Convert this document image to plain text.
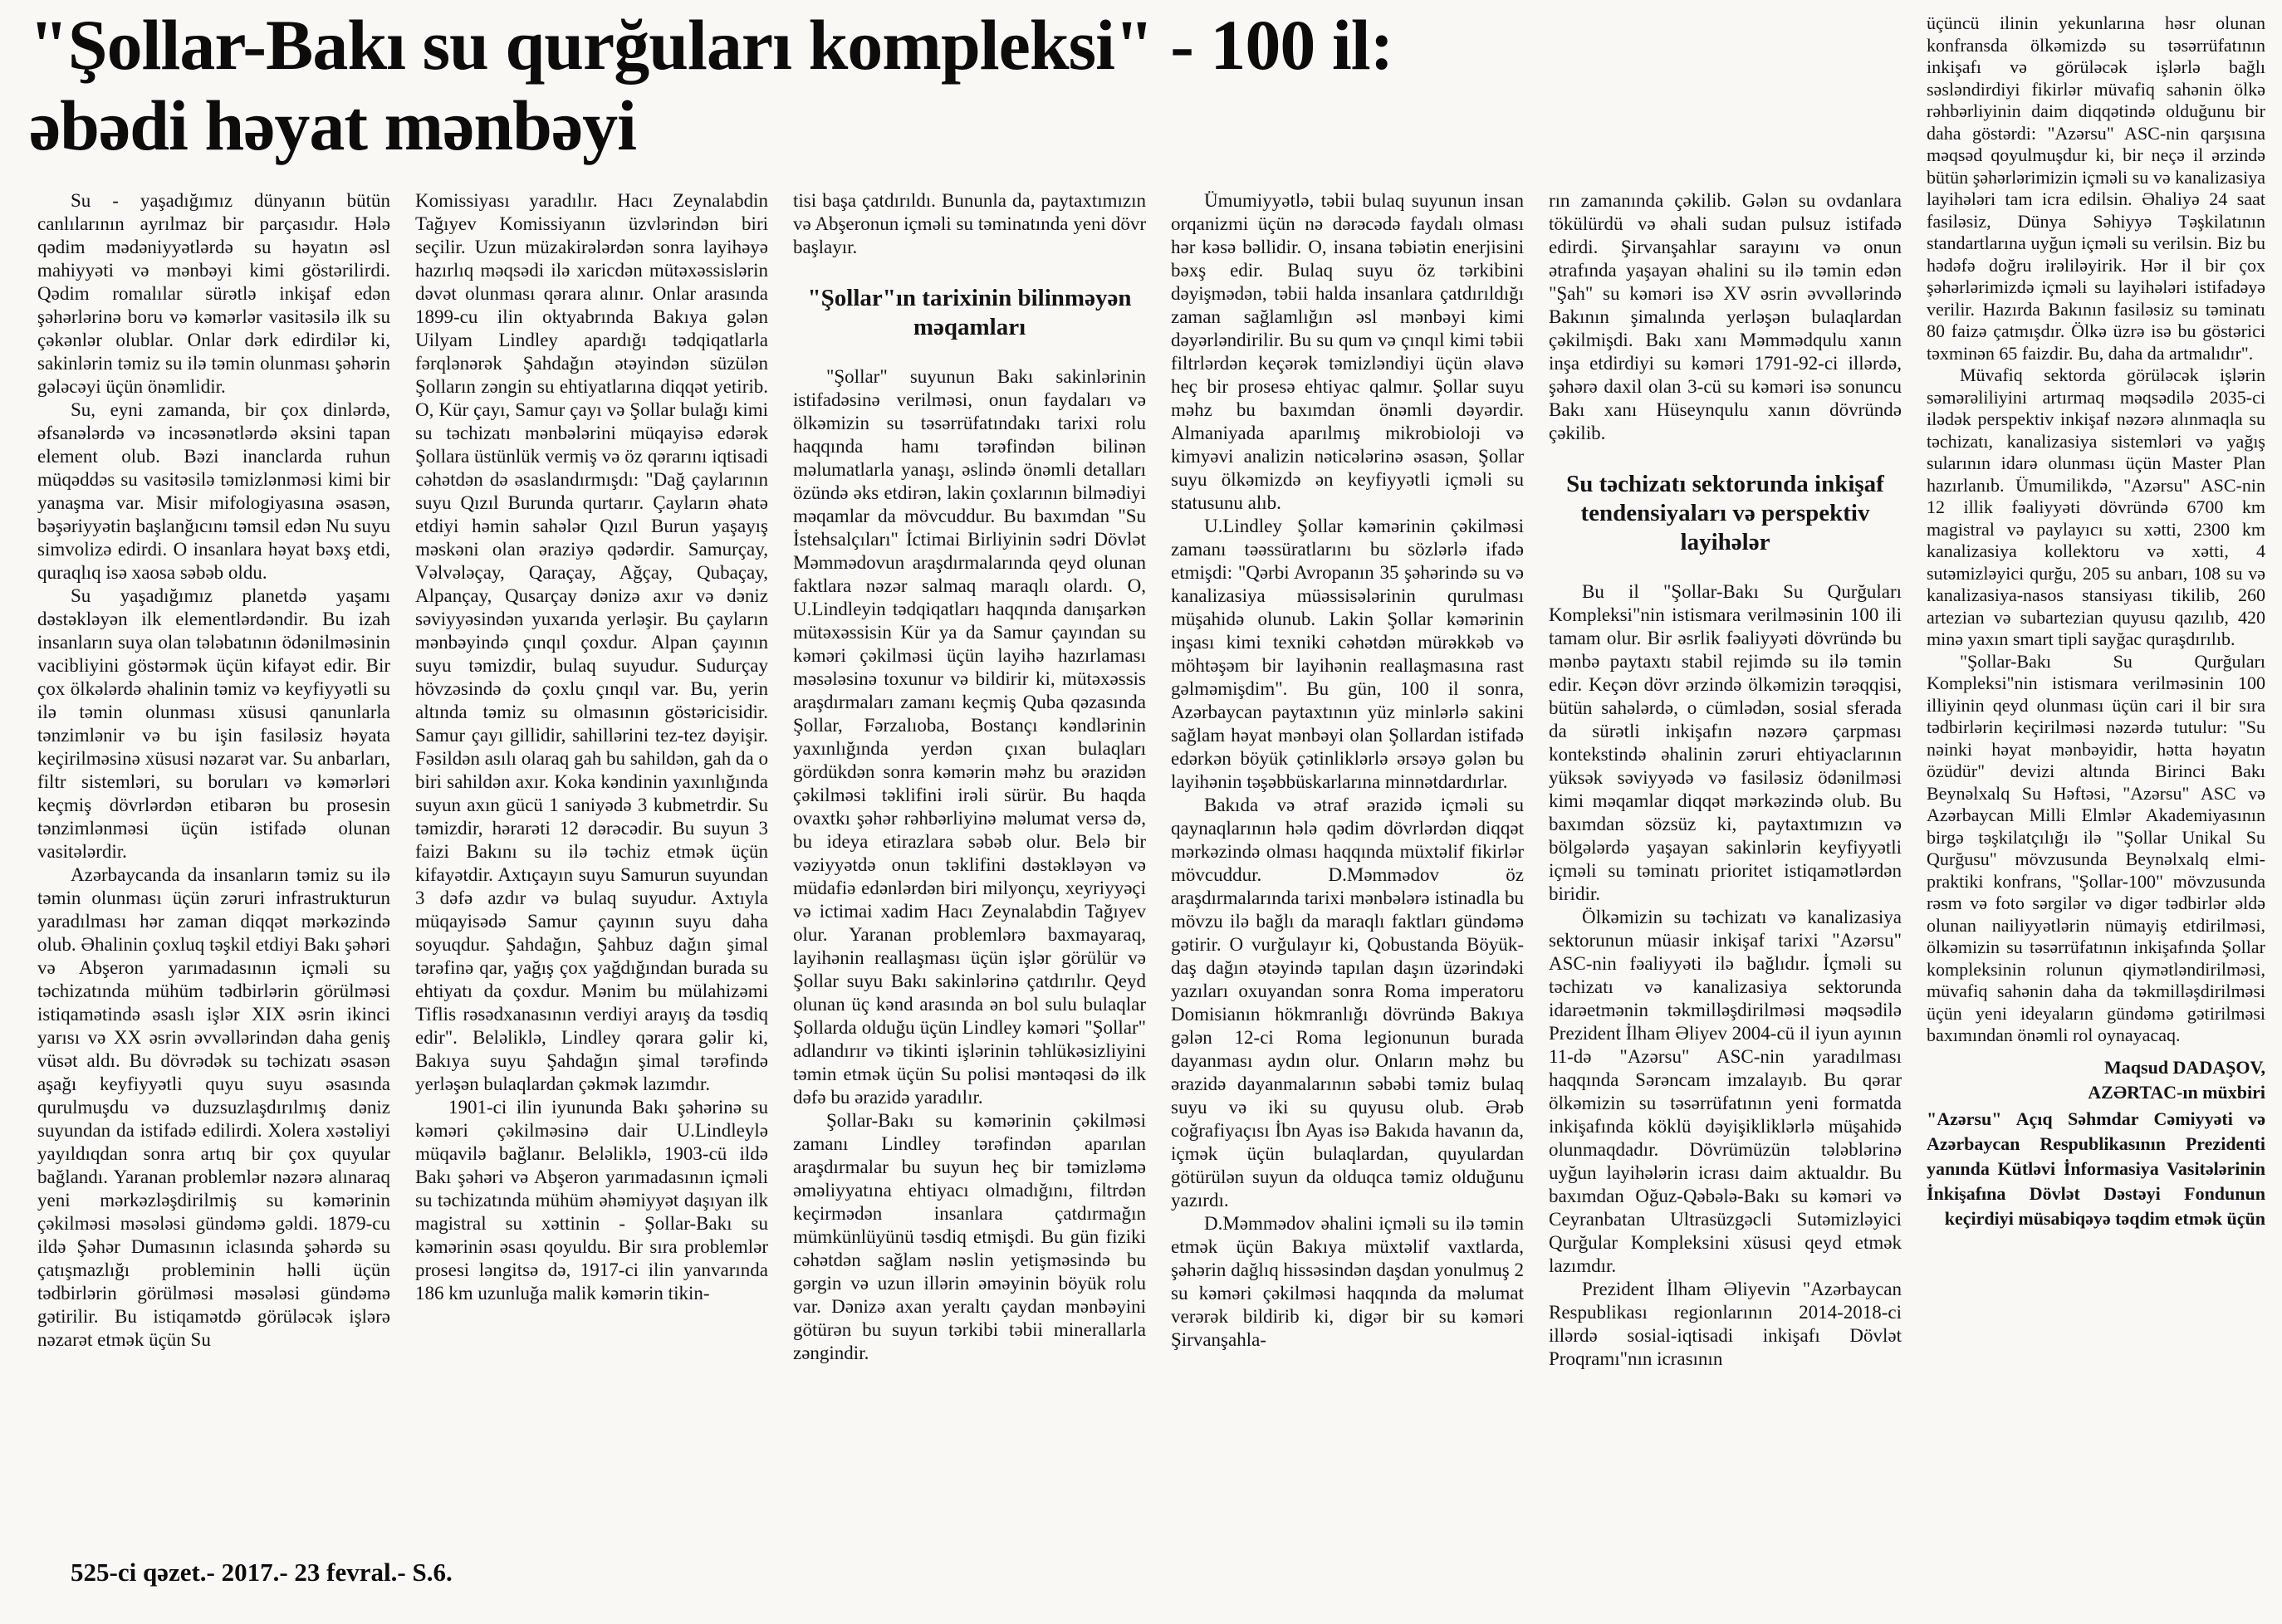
"Şollar-Bakı su qurğuları kompleksi" - 100 il:
əbədi həyat mənbəyi

Su - yaşadığımız dünyanın bütün canlılarının ayrılmaz bir parçasıdır. Hələ qədim mədəniyyətlərdə su həyatın əsl mahiyyəti və mənbəyi kimi göstərilirdi. Qədim romalılar sürətlə inkişaf edən şəhərlərinə boru və kəmərlər vasitəsilə ilk su çəkənlər olublar. Onlar dərk edirdilər ki, sakinlərin təmiz su ilə təmin olunması şəhərin gələcəyi üçün önəmlidir.

Su, eyni zamanda, bir çox dinlərdə, əfsanələrdə və incəsənətlərdə əksini tapan element olub. Bəzi inanclarda ruhun müqəddəs su vasitəsilə təmizlənməsi kimi bir yanaşma var. Misir mifologiyasına əsasən, bəşəriyyətin başlanğıcını təmsil edən Nu suyu simvolizə edirdi. O insanlara həyat bəxş etdi, quraqlıq isə xaosa səbəb oldu.

Su yaşadığımız planetdə yaşamı dəstəkləyən ilk elementlərdəndir. Bu izah insanların suya olan tələbatının ödənilməsinin vacibliyini göstərmək üçün kifayət edir. Bir çox ölkələrdə əhalinin təmiz və keyfiyyətli su ilə təmin olunması xüsusi qanunlarla tənzimlənir və bu işin fasiləsiz həyata keçirilməsinə xüsusi nəzarət var. Su anbarları, filtr sistemləri, su boruları və kəmərləri keçmiş dövrlərdən etibarən bu prosesin tənzimlənməsi üçün istifadə olunan vasitələrdir.

Azərbaycanda da insanların təmiz su ilə təmin olunması üçün zəruri infrastrukturun yaradılması hər zaman diqqət mərkəzində olub. Əhalinin çoxluq təşkil etdiyi Bakı şəhəri və Abşeron yarımadasının içməli su təchizatında mühüm tədbirlərin görülməsi istiqamətində əsaslı işlər XIX əsrin ikinci yarısı və XX əsrin əvvəllərindən daha geniş vüsət aldı. Bu dövrədək su təchizatı əsasən aşağı keyfiyyətli quyu suyu əsasında qurulmuşdu və duzsuzlaşdırılmış dəniz suyundan da istifadə edilirdi. Xolera xəstəliyi yayıldıqdan sonra artıq bir çox quyular bağlandı. Yaranan problemlər nəzərə alınaraq yeni mərkəzləşdirilmiş su kəmərinin çəkilməsi məsələsi gündəmə gəldi. 1879-cu ildə Şəhər Dumasının iclasında şəhərdə su çatışmazlığı probleminin həlli üçün tədbirlərin görülməsi məsələsi gündəmə gətirilir. Bu istiqamətdə görüləcək işlərə nəzarət etmək üçün Su

Komissiyası yaradılır. Hacı Zeynalabdin Tağıyev Komissiyanın üzvlərindən biri seçilir. Uzun müzakirələrdən sonra layihəyə hazırlıq məqsədi ilə xaricdən mütəxəssislərin dəvət olunması qərara alınır. Onlar arasında 1899-cu ilin oktyabrında Bakıya gələn Uilyam Lindley apardığı tədqiqatlarla fərqlənərək Şahdağın ətəyindən süzülən Şolların zəngin su ehtiyatlarına diqqət yetirib. O, Kür çayı, Samur çayı və Şollar bulağı kimi su təchizatı mənbələrini müqayisə edərək Şollara üstünlük vermiş və öz qərarını iqtisadi cəhətdən də əsaslandırmışdı: "Dağ çaylarının suyu Qızıl Burunda qurtarır. Çayların əhatə etdiyi həmin sahələr Qızıl Burun yaşayış məskəni olan əraziyə qədərdir. Samurçay, Vəlvələçay, Qaraçay, Ağçay, Qubaçay, Alpançay, Qusarçay dənizə axır və dəniz səviyyəsindən yuxarıda yerləşir. Bu çayların mənbəyində çınqıl çoxdur. Alpan çayının suyu təmizdir, bulaq suyudur. Sudurçay hövzəsində də çoxlu çınqıl var. Bu, yerin altında təmiz su olmasının göstəricisidir. Samur çayı gillidir, sahillərini tez-tez dəyişir. Fəsildən asılı olaraq gah bu sahildən, gah da o biri sahildən axır. Koka kəndinin yaxınlığında suyun axın gücü 1 saniyədə 3 kubmetrdir. Su təmizdir, hərarəti 12 dərəcədir. Bu suyun 3 faizi Bakını su ilə təchiz etmək üçün kifayətdir. Axtıçayın suyu Samurun suyundan 3 dəfə azdır və bulaq suyudur. Axtıyla müqayisədə Samur çayının suyu daha soyuqdur. Şahdağın, Şahbuz dağın şimal tərəfinə qar, yağış çox yağdığından burada su ehtiyatı da çoxdur. Mənim bu mülahizəmi Tiflis rəsədxanasının verdiyi arayış da təsdiq edir". Beləliklə, Lindley qərara gəlir ki, Bakıya suyu Şahdağın şimal tərəfində yerləşən bulaqlardan çəkmək lazımdır.

1901-ci ilin iyununda Bakı şəhərinə su kəməri çəkilməsinə dair U.Lindleylə müqavilə bağlanır. Beləliklə, 1903-cü ildə Bakı şəhəri və Abşeron yarımadasının içməli su təchizatında mühüm əhəmiyyət daşıyan ilk magistral su xəttinin - Şollar-Bakı su kəmərinin əsası qoyuldu. Bir sıra problemlər prosesi ləngitsə də, 1917-ci ilin yanvarında 186 km uzunluğa malik kəmərin tikin-

tisi başa çatdırıldı. Bununla da, paytaxtımızın və Abşeronun içməli su təminatında yeni dövr başlayır.

"Şollar"ın tarixinin bilinməyən məqamları

"Şollar" suyunun Bakı sakinlərinin istifadəsinə verilməsi, onun faydaları və ölkəmizin su təsərrüfatındakı tarixi rolu haqqında hamı tərəfindən bilinən məlumatlarla yanaşı, əslində önəmli detalları özündə əks etdirən, lakin çoxlarının bilmədiyi məqamlar da mövcuddur. Bu baxımdan "Su İstehsalçıları" İctimai Birliyinin sədri Dövlət Məmmədovun araşdırmalarında qeyd olunan faktlara nəzər salmaq maraqlı olardı. O, U.Lindleyin tədqiqatları haqqında danışarkən mütəxəssisin Kür ya da Samur çayından su kəməri çəkilməsi üçün layihə hazırlaması məsələsinə toxunur və bildirir ki, mütəxəssis araşdırmaları zamanı keçmiş Quba qəzasında Şollar, Fərzalıoba, Bostançı kəndlərinin yaxınlığında yerdən çıxan bulaqları gördükdən sonra kəmərin məhz bu ərazidən çəkilməsi təklifini irəli sürür. Bu haqda ovaxtkı şəhər rəhbərliyinə məlumat versə də, bu ideya etirazlara səbəb olur. Belə bir vəziyyətdə onun təklifini dəstəkləyən və müdafiə edənlərdən biri milyonçu, xeyriyyəçi və ictimai xadim Hacı Zeynalabdin Tağıyev olur. Yaranan problemlərə baxmayaraq, layihənin reallaşması üçün işlər görülür və Şollar suyu Bakı sakinlərinə çatdırılır. Qeyd olunan üç kənd arasında ən bol sulu bulaqlar Şollarda olduğu üçün Lindley kəməri "Şollar" adlandırır və tikinti işlərinin təhlükəsizliyini təmin etmək üçün Su polisi məntəqəsi də ilk dəfə bu ərazidə yaradılır.

Şollar-Bakı su kəmərinin çəkilməsi zamanı Lindley tərəfindən aparılan araşdırmalar bu suyun heç bir təmizləmə əməliyyatına ehtiyacı olmadığını, filtrdən keçirmədən insanlara çatdırmağın mümkünlüyünü təsdiq etmişdi. Bu gün fiziki cəhətdən sağlam nəslin yetişməsində bu gərgin və uzun illərin əməyinin böyük rolu var. Dənizə axan yeraltı çaydan mənbəyini götürən bu suyun tərkibi təbii minerallarla zəngindir.

Ümumiyyətlə, təbii bulaq suyunun insan orqanizmi üçün nə dərəcədə faydalı olması hər kəsə bəllidir. O, insana təbiətin enerjisini bəxş edir. Bulaq suyu öz tərkibini dəyişmədən, təbii halda insanlara çatdırıldığı zaman sağlamlığın əsl mənbəyi kimi dəyərləndirilir. Bu su qum və çınqıl kimi təbii filtrlərdən keçərək təmizləndiyi üçün əlavə heç bir prosesə ehtiyac qalmır. Şollar suyu məhz bu baxımdan önəmli dəyərdir. Almaniyada aparılmış mikrobioloji və kimyəvi analizin nəticələrinə əsasən, Şollar suyu ölkəmizdə ən keyfiyyətli içməli su statusunu alıb.

U.Lindley Şollar kəmərinin çəkilməsi zamanı təəssüratlarını bu sözlərlə ifadə etmişdi: "Qərbi Avropanın 35 şəhərində su və kanalizasiya müəssisələrinin qurulması müşahidə olunub. Lakin Şollar kəmərinin inşası kimi texniki cəhətdən mürəkkəb və möhtəşəm bir layihənin reallaşmasına rast gəlməmişdim". Bu gün, 100 il sonra, Azərbaycan paytaxtının yüz minlərlə sakini sağlam həyat mənbəyi olan Şollardan istifadə edərkən böyük çətinliklərlə ərsəyə gələn bu layihənin təşəbbüskarlarına minnətdardırlar.

Bakıda və ətraf ərazidə içməli su qaynaqlarının hələ qədim dövrlərdən diqqət mərkəzində olması haqqında müxtəlif fikirlər mövcuddur. D.Məmmədov öz araşdırmalarında tarixi mənbələrə istinadla bu mövzu ilə bağlı da maraqlı faktları gündəmə gətirir. O vurğulayır ki, Qobustanda Böyük-daş dağın ətəyində tapılan daşın üzərindəki yazıları oxuyandan sonra Roma imperatoru Domisianın hökmranlığı dövründə Bakıya gələn 12-ci Roma legionunun burada dayanması aydın olur. Onların məhz bu ərazidə dayanmalarının səbəbi təmiz bulaq suyu və iki su quyusu olub. Ərəb coğrafiyaçısı İbn Ayas isə Bakıda havanın da, içmək üçün bulaqlardan, quyulardan götürülən suyun da olduqca təmiz olduğunu yazırdı.

D.Məmmədov əhalini içməli su ilə təmin etmək üçün Bakıya müxtəlif vaxtlarda, şəhərin dağlıq hissəsindən daşdan yonulmuş 2 su kəməri çəkilməsi haqqında da məlumat verərək bildirib ki, digər bir su kəməri Şirvanşahla-

rın zamanında çəkilib. Gələn su ovdanlara tökülürdü və əhali sudan pulsuz istifadə edirdi. Şirvanşahlar sarayını və onun ətrafında yaşayan əhalini su ilə təmin edən "Şah" su kəməri isə XV əsrin əvvəllərində Bakının şimalında yerləşən bulaqlardan çəkilmişdi. Bakı xanı Məmmədqulu xanın inşa etdirdiyi su kəməri 1791-92-ci illərdə, şəhərə daxil olan 3-cü su kəməri isə sonuncu Bakı xanı Hüseynqulu xanın dövründə çəkilib.

Su təchizatı sektorunda inkişaf tendensiyaları və perspektiv layihələr

Bu il "Şollar-Bakı Su Qurğuları Kompleksi"nin istismara verilməsinin 100 ili tamam olur. Bir əsrlik fəaliyyəti dövründə bu mənbə paytaxtı stabil rejimdə su ilə təmin edir. Keçən dövr ərzində ölkəmizin tərəqqisi, bütün sahələrdə, o cümlədən, sosial sferada da sürətli inkişafın nəzərə çarpması kontekstində əhalinin zəruri ehtiyaclarının yüksək səviyyədə və fasiləsiz ödənilməsi kimi məqamlar diqqət mərkəzində olub. Bu baxımdan sözsüz ki, paytaxtımızın və bölgələrdə yaşayan sakinlərin keyfiyyətli içməli su təminatı prioritet istiqamətlərdən biridir.

Ölkəmizin su təchizatı və kanalizasiya sektorunun müasir inkişaf tarixi "Azərsu" ASC-nin fəaliyyəti ilə bağlıdır. İçməli su təchizatı və kanalizasiya sektorunda idarəetmənin təkmilləşdirilməsi məqsədilə Prezident İlham Əliyev 2004-cü il iyun ayının 11-də "Azərsu" ASC-nin yaradılması haqqında Sərəncam imzalayıb. Bu qərar ölkəmizin su təsərrüfatının yeni formatda inkişafında köklü dəyişikliklərlə müşahidə olunmaqdadır. Dövrümüzün tələblərinə uyğun layihələrin icrası daim aktualdır. Bu baxımdan Oğuz-Qəbələ-Bakı su kəməri və Ceyranbatan Ultrasüzgəcli Sutəmizləyici Qurğular Kompleksini xüsusi qeyd etmək lazımdır.

Prezident İlham Əliyevin "Azərbaycan Respublikası regionlarının 2014-2018-ci illərdə sosial-iqtisadi inkişafı Dövlət Proqramı"nın icrasının

üçüncü ilinin yekunlarına həsr olunan konfransda ölkəmizdə su təsərrüfatının inkişafı və görüləcək işlərlə bağlı səsləndirdiyi fikirlər müvafiq sahənin ölkə rəhbərliyinin daim diqqətində olduğunu bir daha göstərdi: "Azərsu" ASC-nin qarşısına məqsəd qoyulmuşdur ki, bir neçə il ərzində bütün şəhərlərimizin içməli su və kanalizasiya layihələri tam icra edilsin. Əhaliyə 24 saat fasiləsiz, Dünya Səhiyyə Təşkilatının standartlarına uyğun içməli su verilsin. Biz bu hədəfə doğru irəliləyirik. Hər il bir çox şəhərlərimizdə içməli su layihələri istifadəyə verilir. Hazırda Bakının fasiləsiz su təminatı 80 faizə çatmışdır. Ölkə üzrə isə bu göstərici təxminən 65 faizdir. Bu, daha da artmalıdır".

Müvafiq sektorda görüləcək işlərin səmərəliliyini artırmaq məqsədilə 2035-ci ilədək perspektiv inkişaf nəzərə alınmaqla su təchizatı, kanalizasiya sistemləri və yağış sularının idarə olunması üçün Master Plan hazırlanıb. Ümumilikdə, "Azərsu" ASC-nin 12 illik fəaliyyəti dövründə 6700 km magistral və paylayıcı su xətti, 2300 km kanalizasiya kollektoru və xətti, 4 sutəmizləyici qurğu, 205 su anbarı, 108 su və kanalizasiya-nasos stansiyası tikilib, 260 artezian və subartezian quyusu qazılıb, 420 minə yaxın smart tipli sayğac quraşdırılıb.

"Şollar-Bakı Su Qurğuları Kompleksi"nin istismara verilməsinin 100 illiyinin qeyd olunması üçün cari il bir sıra tədbirlərin keçirilməsi nəzərdə tutulur: "Su nəinki həyat mənbəyidir, hətta həyatın özüdür" devizi altında Birinci Bakı Beynəlxalq Su Həftəsi, "Azərsu" ASC və Azərbaycan Milli Elmlər Akademiyasının birgə təşkilatçılığı ilə "Şollar Unikal Su Qurğusu" mövzusunda Beynəlxalq elmi-praktiki konfrans, "Şollar-100" mövzusunda rəsm və foto sərgilər və digər tədbirlər əldə olunan nailiyyətlərin nümayiş etdirilməsi, ölkəmizin su təsərrüfatının inkişafında Şollar kompleksinin rolunun qiymətləndirilməsi, müvafiq sahənin daha da təkmilləşdirilməsi üçün yeni ideyaların gündəmə gətirilməsi baxımından önəmli rol oynayacaq.

Maqsud DADAŞOV,
AZƏRTAC-ın müxbiri
"Azərsu" Açıq Səhmdar Cəmiyyəti və Azərbaycan Respublikasının Prezidenti yanında Kütləvi İnformasiya Vasitələrinin İnkişafına Dövlət Dəstəyi Fondunun keçirdiyi müsabiqəyə təqdim etmək üçün
525-ci qəzet.- 2017.- 23 fevral.- S.6.
